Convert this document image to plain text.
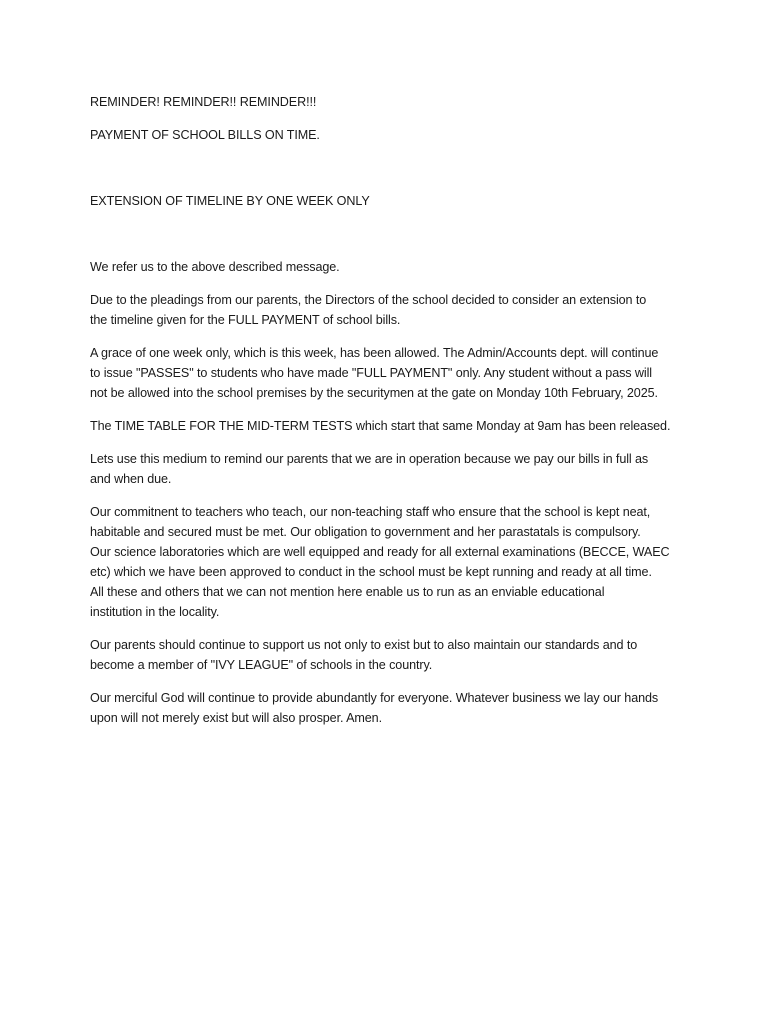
REMINDER! REMINDER!! REMINDER!!!

PAYMENT OF SCHOOL BILLS ON TIME.

EXTENSION OF TIMELINE BY ONE WEEK ONLY

We refer us to the above described message.

Due to the pleadings from our parents, the Directors of the school decided to consider an extension to
the timeline given for the FULL PAYMENT of school bills.

A grace of one week only, which is this week, has been allowed. The Admin/Accounts dept. will continue
to issue "PASSES" to students who have made "FULL PAYMENT" only. Any student without a pass will
not be allowed into the school premises by the securitymen at the gate on Monday 10th February, 2025.

The TIME TABLE FOR THE MID-TERM TESTS which start that same Monday at 9am has been released.

Lets use this medium to remind our parents that we are in operation because we pay our bills in full as
and when due.

Our commitnent to teachers who teach, our non-teaching staff who ensure that the school is kept neat,
habitable and secured must be met. Our obligation to government and her parastatals is compulsory.
Our science laboratories which are well equipped and ready for all external examinations (BECCE, WAEC
etc) which we have been approved to conduct in the school must be kept running and ready at all time.
All these and others that we can not mention here enable us to run as an enviable educational
institution in the locality.

Our parents should continue to support us not only to exist but to also maintain our standards and to
become a member of "IVY LEAGUE" of schools in the country.

Our merciful God will continue to provide abundantly for everyone. Whatever business we lay our hands
upon will not merely exist but will also prosper. Amen.
